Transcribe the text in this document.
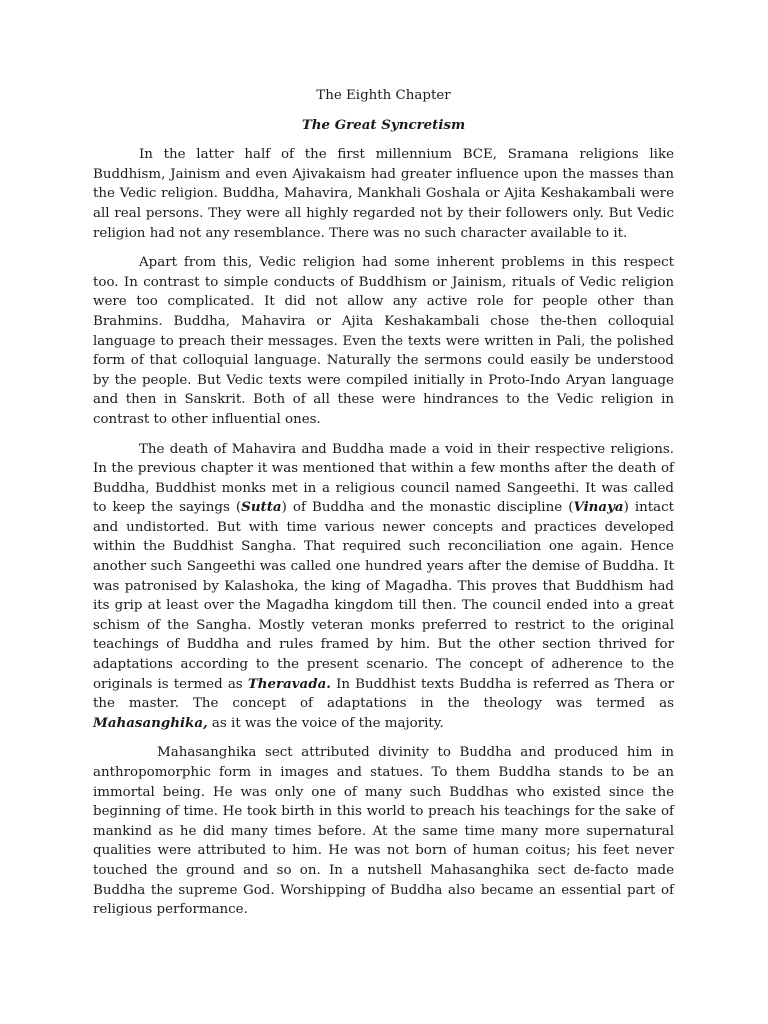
The Eighth Chapter
The Great Syncretism

In the latter half of the first millennium BCE, Sramana religions like Buddhism, Jainism and even Ajivakaism had greater influence upon the masses than the Vedic religion. Buddha, Mahavira, Mankhali Goshala or Ajita Keshakambali were all real persons. They were all highly regarded not by their followers only. But Vedic religion had not any resemblance. There was no such character available to it.

Apart from this, Vedic religion had some inherent problems in this respect too. In contrast to simple conducts of Buddhism or Jainism, rituals of Vedic religion were too complicated. It did not allow any active role for people other than Brahmins. Buddha, Mahavira or Ajita Keshakambali chose the-then colloquial language to preach their messages. Even the texts were written in Pali, the polished form of that colloquial language. Naturally the sermons could easily be understood by the people. But Vedic texts were compiled initially in Proto-Indo Aryan language and then in Sanskrit. Both of all these were hindrances to the Vedic religion in contrast to other influential ones.

The death of Mahavira and Buddha made a void in their respective religions. In the previous chapter it was mentioned that within a few months after the death of Buddha, Buddhist monks met in a religious council named Sangeethi. It was called to keep the sayings (Sutta) of Buddha and the monastic discipline (Vinaya) intact and undistorted. But with time various newer concepts and practices developed within the Buddhist Sangha. That required such reconciliation one again. Hence another such Sangeethi was called one hundred years after the demise of Buddha. It was patronised by Kalashoka, the king of Magadha. This proves that Buddhism had its grip at least over the Magadha kingdom till then. The council ended into a great schism of the Sangha. Mostly veteran monks preferred to restrict to the original teachings of Buddha and rules framed by him. But the other section thrived for adaptations according to the present scenario. The concept of adherence to the originals is termed as Theravada. In Buddhist texts Buddha is referred as Thera or the master. The concept of adaptations in the theology was termed as Mahasanghika, as it was the voice of the majority.

Mahasanghika sect attributed divinity to Buddha and produced him in anthropomorphic form in images and statues. To them Buddha stands to be an immortal being. He was only one of many such Buddhas who existed since the beginning of time. He took birth in this world to preach his teachings for the sake of mankind as he did many times before. At the same time many more supernatural qualities were attributed to him. He was not born of human coitus; his feet never touched the ground and so on. In a nutshell Mahasanghika sect de-facto made Buddha the supreme God. Worshipping of Buddha also became an essential part of religious performance.
